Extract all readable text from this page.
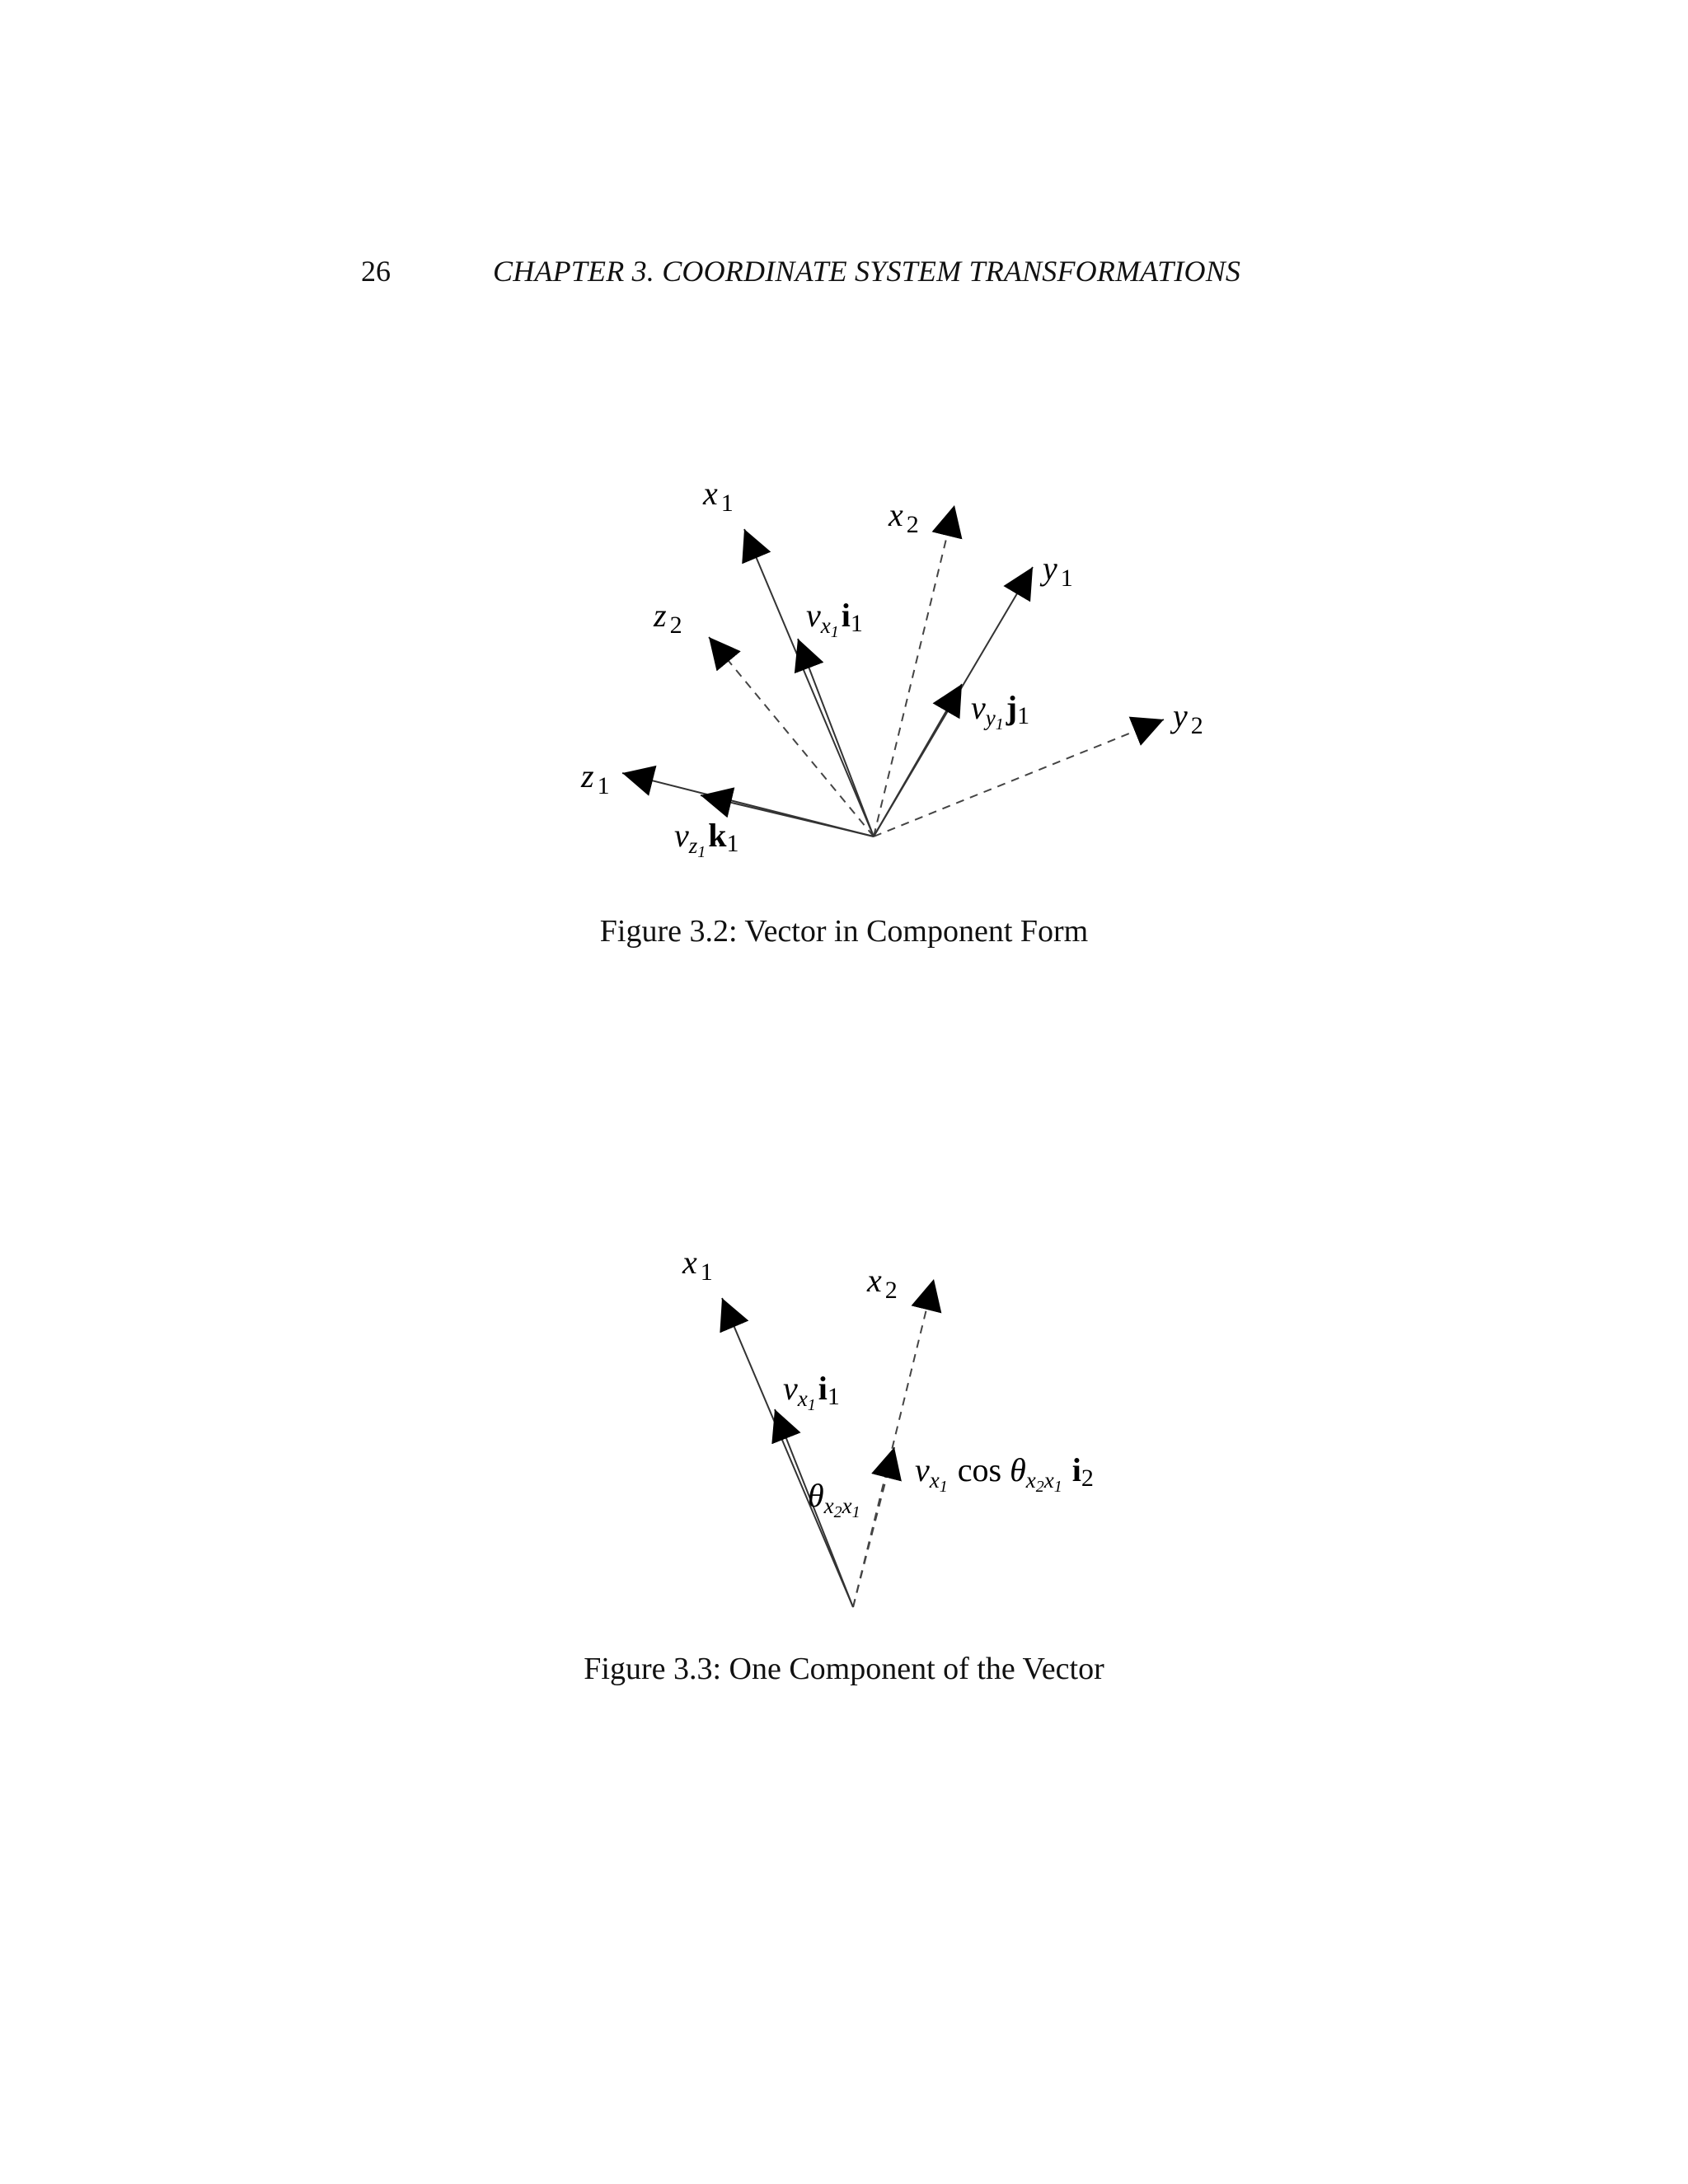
26	CHAPTER 3. COORDINATE SYSTEM TRANSFORMATIONS
x $_1$	x $_2$
y $_1$
z $_2$	$v_x1i1$
$v_y1j1$	y $_2$
z $_1$
$v_z1k1$
Figure 3.2: Vector in Component Form
x $_1$	x $_2$
$v_x1i1$
$v_x1$ $\cos \theta_x2x1$ i2
$\theta_x2x1$
Figure 3.3: One Component of the Vector
